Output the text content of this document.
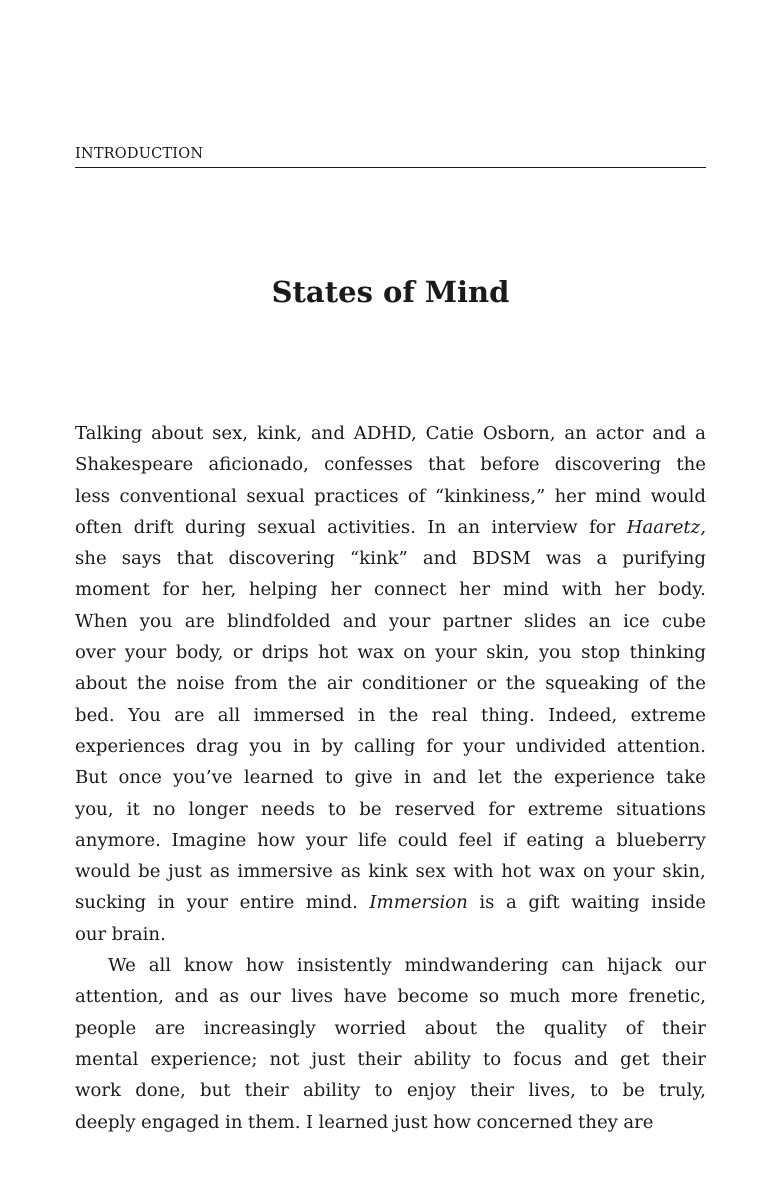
INTRODUCTION
States of Mind
Talking about sex, kink, and ADHD, Catie Osborn, an actor and a
Shakespeare aficionado, confesses that before discovering the
less conventional sexual practices of “kinkiness,” her mind would
often drift during sexual activities. In an interview for Haaretz,
she says that discovering “kink” and BDSM was a purifying
moment for her, helping her connect her mind with her body.
When you are blindfolded and your partner slides an ice cube
over your body, or drips hot wax on your skin, you stop thinking
about the noise from the air conditioner or the squeaking of the
bed. You are all immersed in the real thing. Indeed, extreme
experiences drag you in by calling for your undivided attention.
But once you’ve learned to give in and let the experience take
you, it no longer needs to be reserved for extreme situations
anymore. Imagine how your life could feel if eating a blueberry
would be just as immersive as kink sex with hot wax on your skin,
sucking in your entire mind. Immersion is a gift waiting inside
our brain.
We all know how insistently mindwandering can hijack our
attention, and as our lives have become so much more frenetic,
people are increasingly worried about the quality of their
mental experience; not just their ability to focus and get their
work done, but their ability to enjoy their lives, to be truly,
deeply engaged in them. I learned just how concerned they are
